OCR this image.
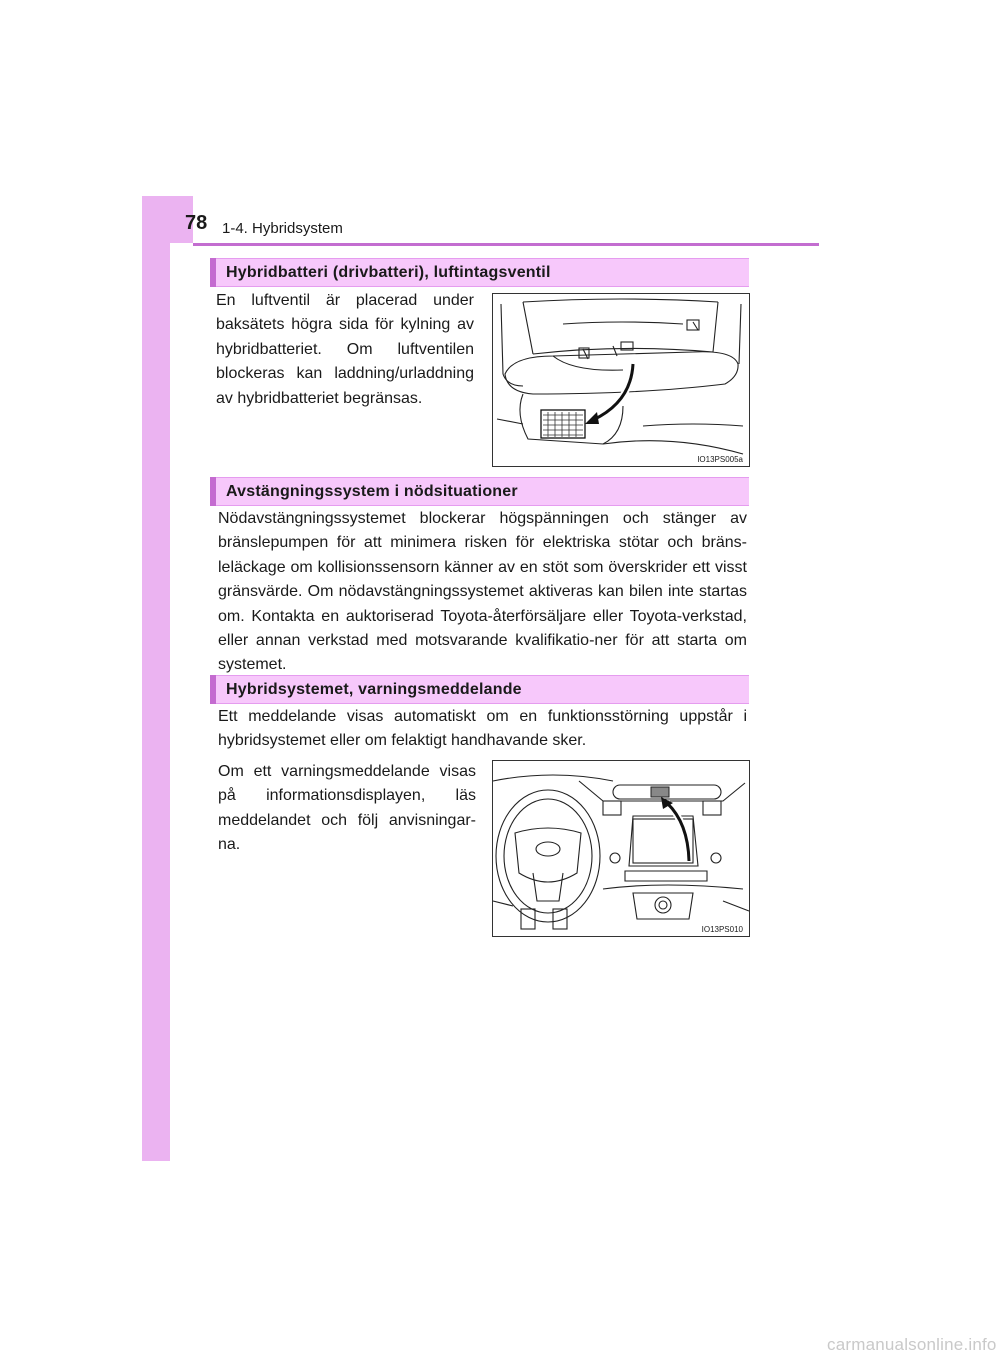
78 1-4. Hybridsystem
Hybridbatteri (drivbatteri), luftintagsventil
En luftventil är placerad under baksätets högra sida för kylning av hybridbatteriet. Om luftventilen blockeras kan laddning/urladdning av hybridbatteriet begränsas.
IO13PS005a
Avstängningssystem i nödsituationer
Nödavstängningssystemet blockerar högspänningen och stänger av bränslepumpen för att minimera risken för elektriska stötar och bräns-leläckage om kollisionssensorn känner av en stöt som överskrider ett visst gränsvärde. Om nödavstängningssystemet aktiveras kan bilen inte startas om. Kontakta en auktoriserad Toyota-återförsäljare eller Toyota-verkstad, eller annan verkstad med motsvarande kvalifikatio-ner för att starta om systemet.
Hybridsystemet, varningsmeddelande
Ett meddelande visas automatiskt om en funktionsstörning uppstår i hybridsystemet eller om felaktigt handhavande sker.
Om ett varningsmeddelande visas på informationsdisplayen, läs meddelandet och följ anvisningar-na.
IO13PS010
carmanualsonline.info
